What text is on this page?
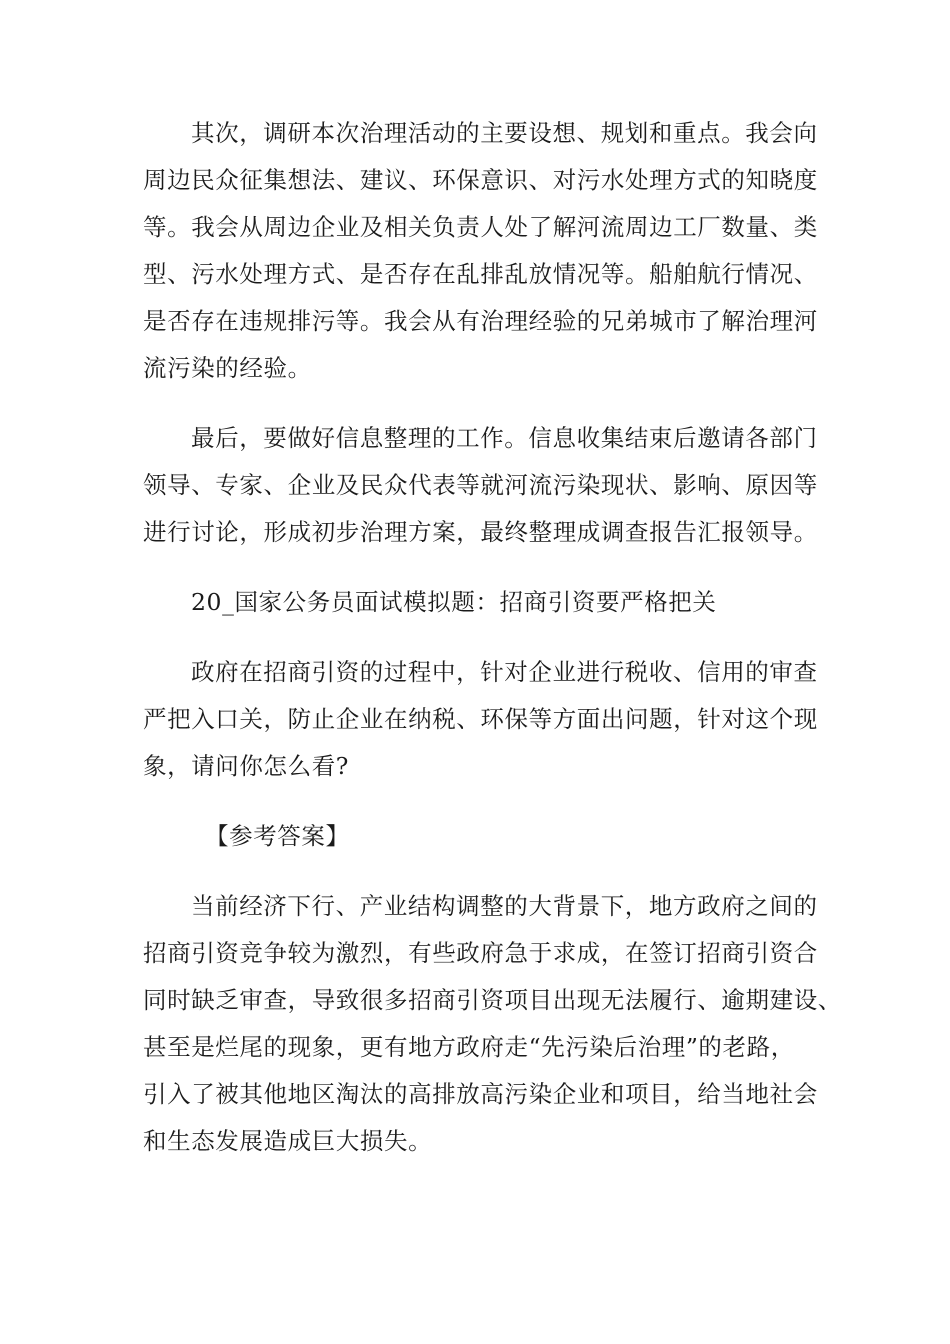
其次，调研本次治理活动的主要设想、规划和重点。我会向
周边民众征集想法、建议、环保意识、对污水处理方式的知晓度
等。我会从周边企业及相关负责人处了解河流周边工厂数量、类
型、污水处理方式、是否存在乱排乱放情况等。船舶航行情况、
是否存在违规排污等。我会从有治理经验的兄弟城市了解治理河
流污染的经验。

最后，要做好信息整理的工作。信息收集结束后邀请各部门
领导、专家、企业及民众代表等就河流污染现状、影响、原因等
进行讨论，形成初步治理方案，最终整理成调查报告汇报领导。

20_国家公务员面试模拟题：招商引资要严格把关

政府在招商引资的过程中，针对企业进行税收、信用的审查
严把入口关，防止企业在纳税、环保等方面出问题，针对这个现
象，请问你怎么看?

【参考答案】

当前经济下行、产业结构调整的大背景下，地方政府之间的
招商引资竞争较为激烈，有些政府急于求成，在签订招商引资合
同时缺乏审查，导致很多招商引资项目出现无法履行、逾期建设、
甚至是烂尾的现象，更有地方政府走“先污染后治理”的老路，
引入了被其他地区淘汰的高排放高污染企业和项目，给当地社会
和生态发展造成巨大损失。
